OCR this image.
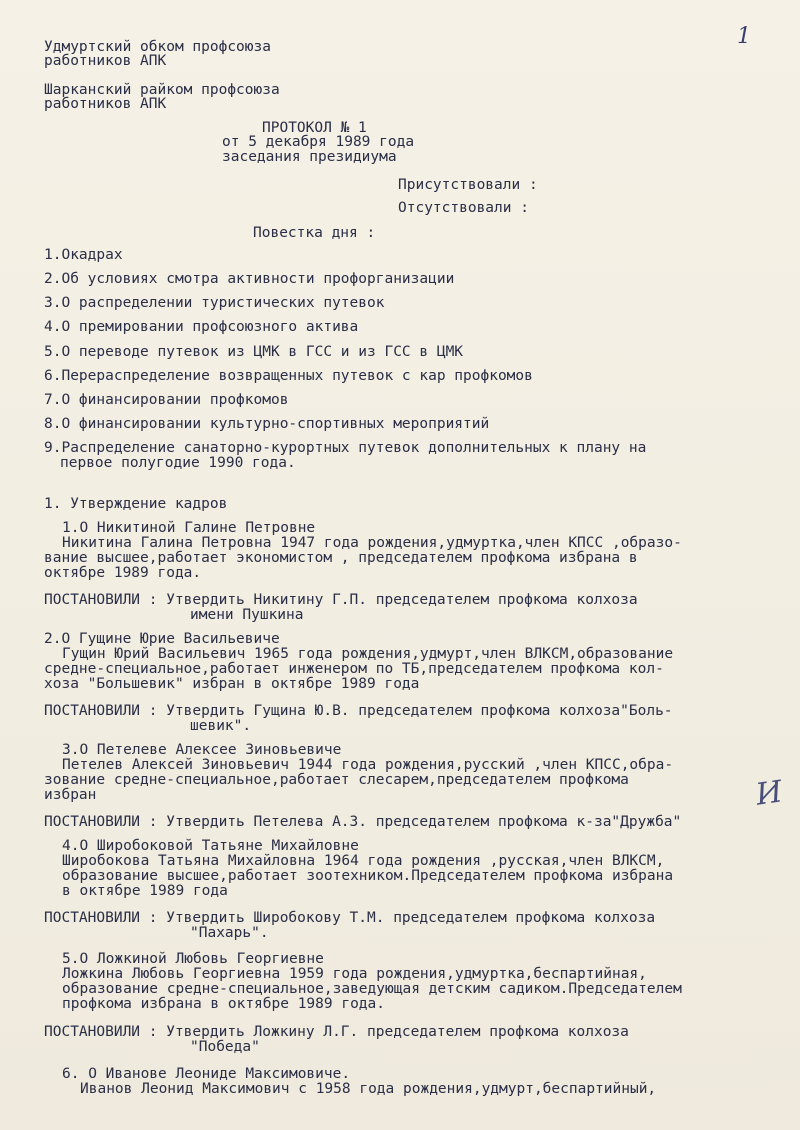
1
И
Удмуртский обком профсоюза
работников АПК
Шарканский райком профсоюза
работников АПК
ПРОТОКОЛ № 1
от 5 декабря 1989 года
заседания президиума
Присутствовали :
Отсутствовали :
Повестка дня :
1.Окадрах
2.Об условиях смотра активности профорганизации
3.О распределении туристических путевок
4.О премировании профсоюзного актива
5.О переводе путевок из ЦМК в ГСС и из ГСС в ЦМК
6.Перераспределение возвращенных путевок с кар профкомов
7.О финансировании профкомов
8.О финансировании культурно-спортивных мероприятий
9.Распределение санаторно-курортных путевок дополнительных к плану на
первое полугодие 1990 года.
1. Утверждение кадров
1.О Никитиной Галине Петровне
Никитина Галина Петровна 1947 года рождения,удмуртка,член КПСС ,образо-
вание высшее,работает экономистом , председателем профкома избрана в
октябре 1989 года.
ПОСТАНОВИЛИ : Утвердить Никитину Г.П. председателем профкома колхоза
имени Пушкина
2.О Гущине Юрие Васильевиче
Гущин Юрий Васильевич 1965 года рождения,удмурт,член ВЛКСМ,образование
средне-специальное,работает инженером по ТБ,председателем профкома кол-
хоза "Большевик" избран в октябре 1989 года
ПОСТАНОВИЛИ : Утвердить Гущина Ю.В. председателем профкома колхоза"Боль-
шевик".
3.О Петелеве Алексее Зиновьевиче
Петелев Алексей Зиновьевич 1944 года рождения,русский ,член КПСС,обра-
зование средне-специальное,работает слесарем,председателем профкома
избран
ПОСТАНОВИЛИ : Утвердить Петелева А.З. председателем профкома к-за"Дружба"
4.О Широбоковой Татьяне Михайловне
Широбокова Татьяна Михайловна 1964 года рождения ,русская,член ВЛКСМ,
образование высшее,работает зоотехником.Председателем профкома избрана
в октябре 1989 года
ПОСТАНОВИЛИ : Утвердить Широбокову Т.М. председателем профкома колхоза
"Пахарь".
5.О Ложкиной Любовь Георгиевне
Ложкина Любовь Георгиевна 1959 года рождения,удмуртка,беспартийная,
образование средне-специальное,заведующая детским садиком.Председателем
профкома избрана в октябре 1989 года.
ПОСТАНОВИЛИ : Утвердить Ложкину Л.Г. председателем профкома колхоза
"Победа"
6. О Иванове Леониде Максимовиче.
Иванов Леонид Максимович с 1958 года рождения,удмурт,беспартийный,
